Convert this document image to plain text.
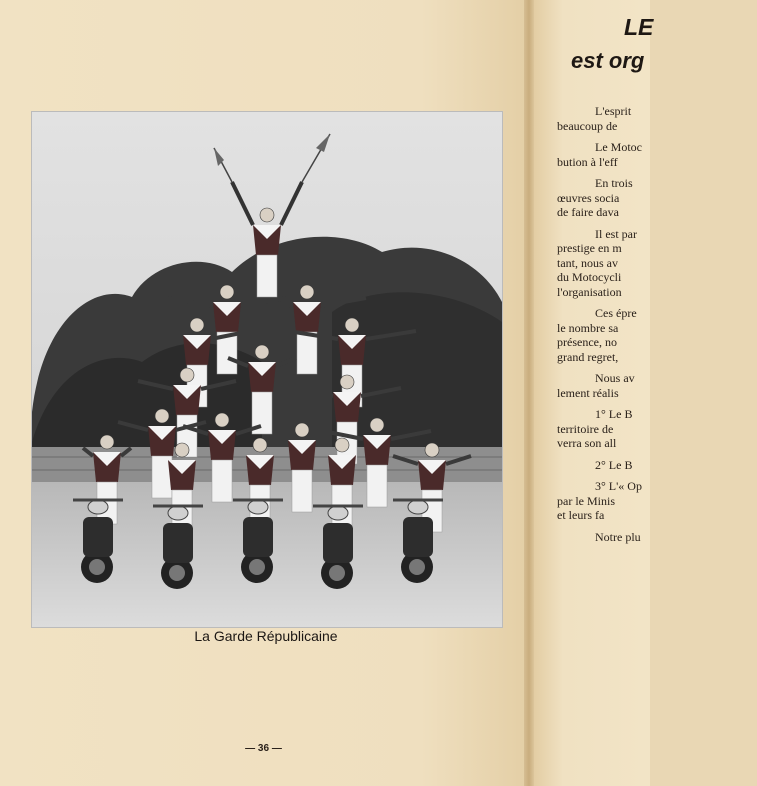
La Garde Républicaine
— 36 —
LE
est org

L'esprit
beaucoup de

Le Motoc
bution à l'eff

En trois
œuvres socia
de faire dava

Il est par
prestige en m
tant, nous av
du Motocycli
l'organisation

Ces épre
le nombre sa
présence, no
grand regret,

Nous av
lement réalis

1° Le B
territoire de
verra son all

2° Le B

3° L'« Op
par le Minis
et leurs fa

Notre plu
